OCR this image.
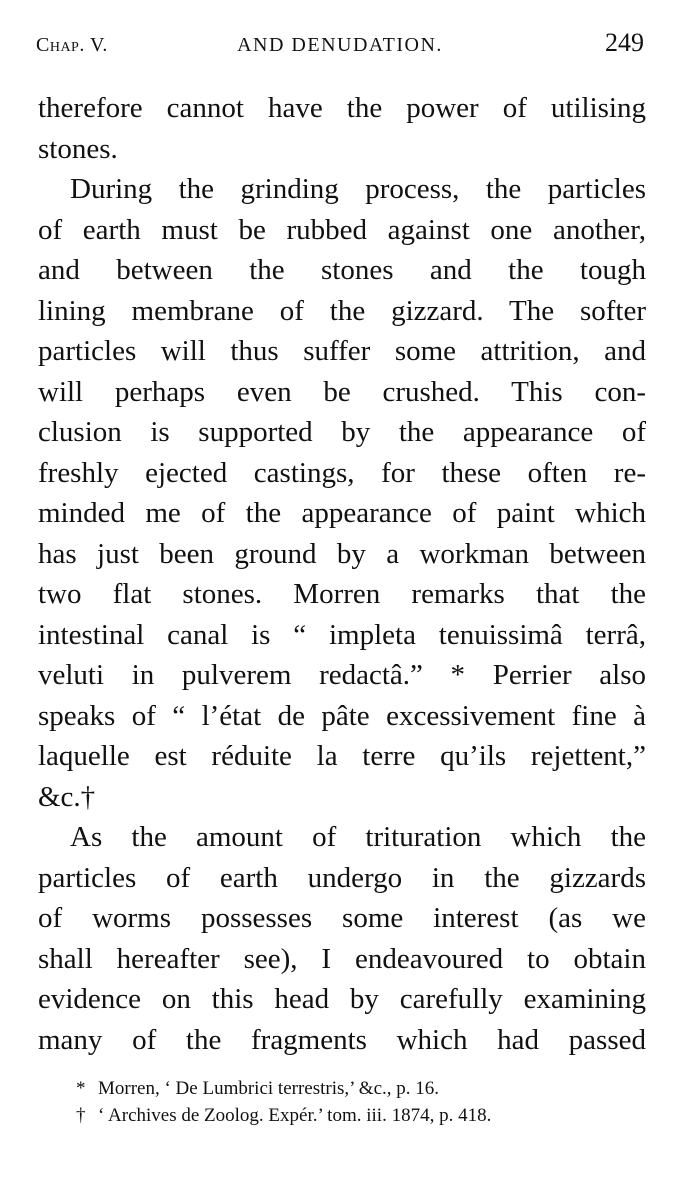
Chap. V.	AND DENUDATION.	249
therefore cannot have the power of utilising
stones.
During the grinding process, the particles
of earth must be rubbed against one another,
and between the stones and the tough
lining membrane of the gizzard. The softer
particles will thus suffer some attrition, and
will perhaps even be crushed. This con-
clusion is supported by the appearance of
freshly ejected castings, for these often re-
minded me of the appearance of paint which
has just been ground by a workman between
two flat stones. Morren remarks that the
intestinal canal is “ impleta tenuissimâ terrâ,
veluti in pulverem redactâ.” * Perrier also
speaks of “ l’état de pâte excessivement fine à
laquelle est réduite la terre qu’ils rejettent,”
&c.†
As the amount of trituration which the
particles of earth undergo in the gizzards
of worms possesses some interest (as we
shall hereafter see), I endeavoured to obtain
evidence on this head by carefully examining
many of the fragments which had passed
* Morren, ‘ De Lumbrici terrestris,’ &c., p. 16.
† ‘ Archives de Zoolog. Expér.’ tom. iii. 1874, p. 418.
